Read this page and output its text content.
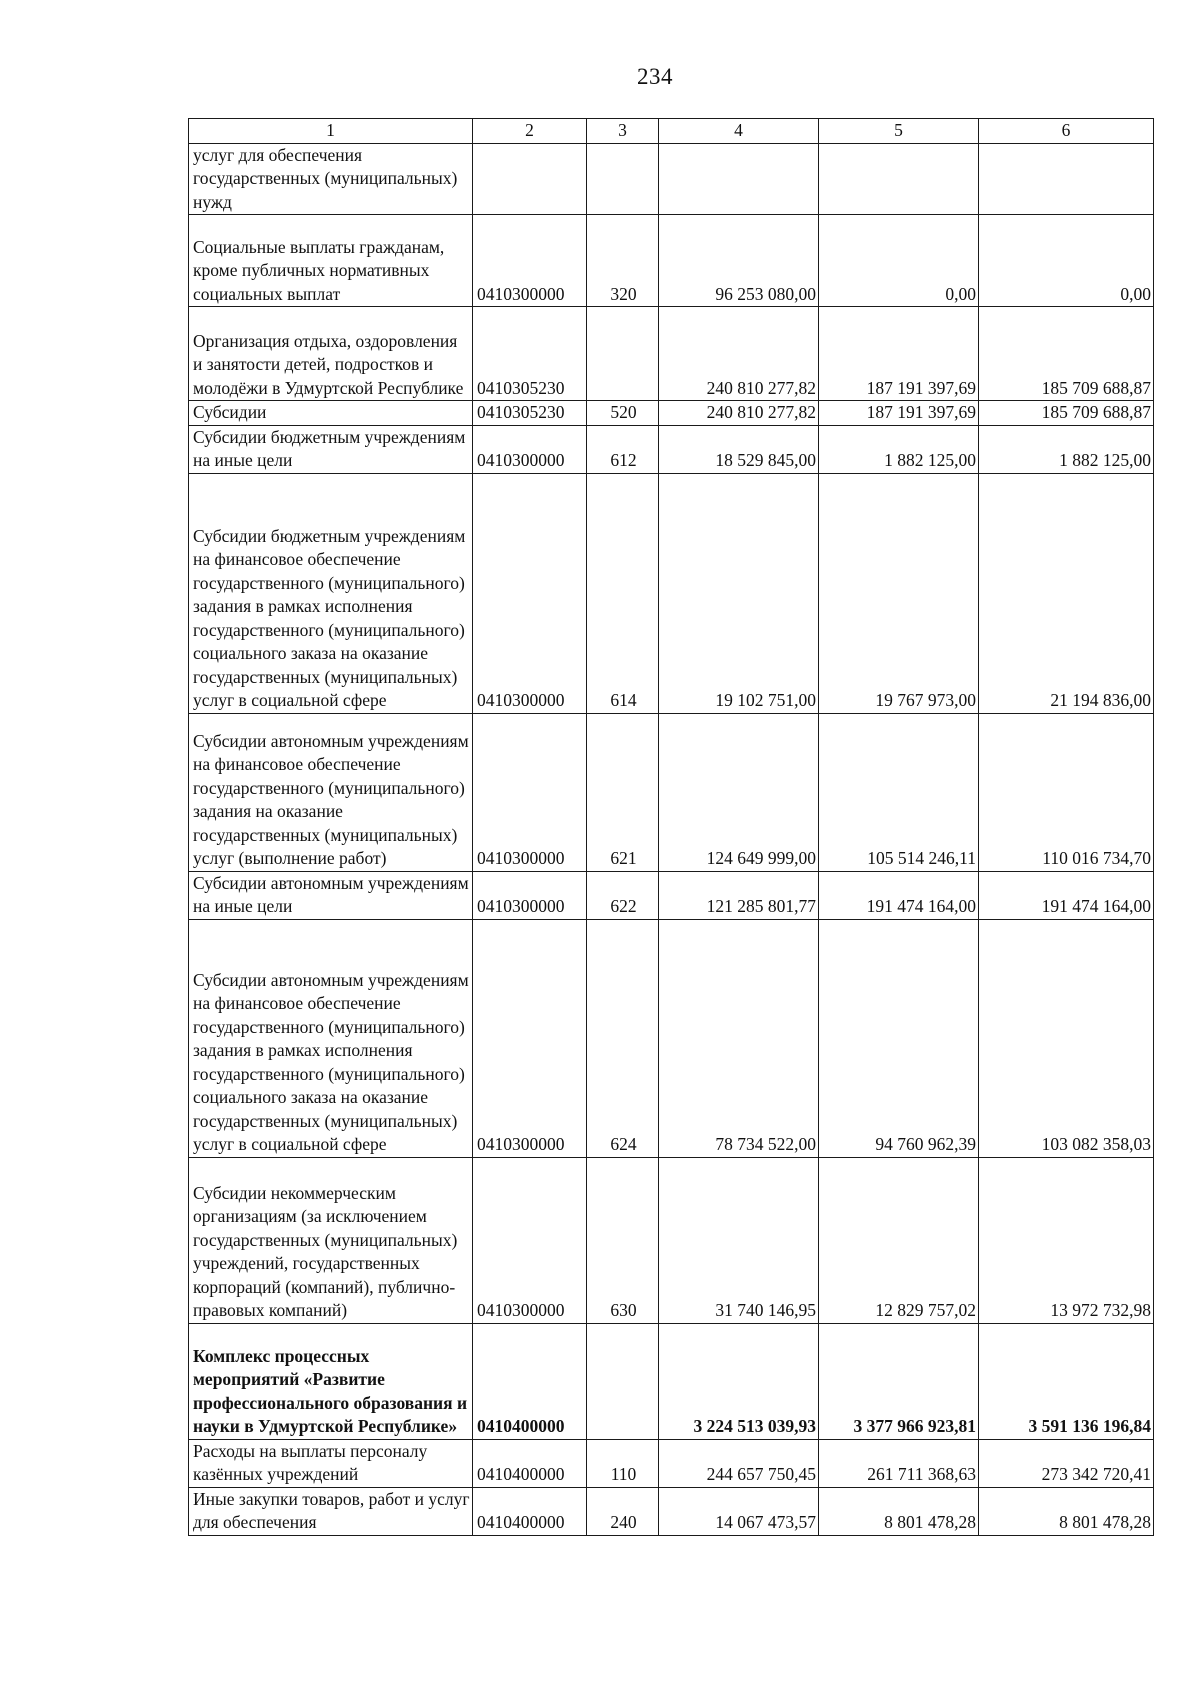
234
1	2	3	4	5	6
услуг для обеспечения государственных (муниципальных) нужд					
Социальные выплаты гражданам, кроме публичных нормативных социальных выплат	0410300000	320	96 253 080,00	0,00	0,00
Организация отдыха, оздоровления и занятости детей, подростков и молодёжи в Удмуртской Республике	0410305230		240 810 277,82	187 191 397,69	185 709 688,87
Субсидии	0410305230	520	240 810 277,82	187 191 397,69	185 709 688,87
Субсидии бюджетным учреждениям на иные цели	0410300000	612	18 529 845,00	1 882 125,00	1 882 125,00
Субсидии бюджетным учреждениям на финансовое обеспечение государственного (муниципального) задания в рамках исполнения государственного (муниципального) социального заказа на оказание государственных (муниципальных) услуг в социальной сфере	0410300000	614	19 102 751,00	19 767 973,00	21 194 836,00
Субсидии автономным учреждениям на финансовое обеспечение государственного (муниципального) задания на оказание государственных (муниципальных) услуг (выполнение работ)	0410300000	621	124 649 999,00	105 514 246,11	110 016 734,70
Субсидии автономным учреждениям на иные цели	0410300000	622	121 285 801,77	191 474 164,00	191 474 164,00
Субсидии автономным учреждениям на финансовое обеспечение государственного (муниципального) задания в рамках исполнения государственного (муниципального) социального заказа на оказание государственных (муниципальных) услуг в социальной сфере	0410300000	624	78 734 522,00	94 760 962,39	103 082 358,03
Субсидии некоммерческим организациям (за исключением государственных (муниципальных) учреждений, государственных корпораций (компаний), публично-правовых компаний)	0410300000	630	31 740 146,95	12 829 757,02	13 972 732,98
Комплекс процессных мероприятий «Развитие профессионального образования и науки в Удмуртской Республике»	0410400000		3 224 513 039,93	3 377 966 923,81	3 591 136 196,84
Расходы на выплаты персоналу казённых учреждений	0410400000	110	244 657 750,45	261 711 368,63	273 342 720,41
Иные закупки товаров, работ и услуг для обеспечения	0410400000	240	14 067 473,57	8 801 478,28	8 801 478,28
